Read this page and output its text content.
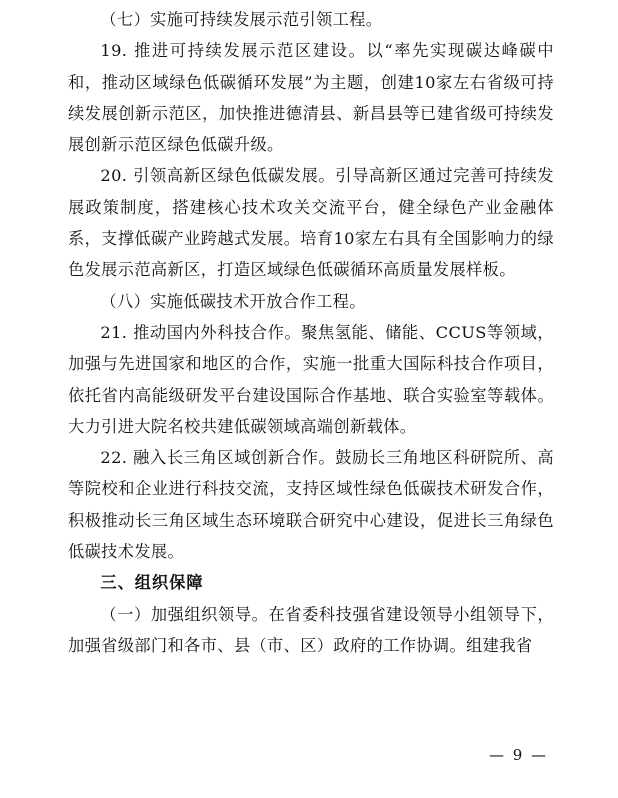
（七）实施可持续发展示范引领工程。

19. 推进可持续发展示范区建设。以“率先实现碳达峰碳中和，推动区域绿色低碳循环发展”为主题，创建10家左右省级可持续发展创新示范区，加快推进德清县、新昌县等已建省级可持续发展创新示范区绿色低碳升级。

20. 引领高新区绿色低碳发展。引导高新区通过完善可持续发展政策制度，搭建核心技术攻关交流平台，健全绿色产业金融体系，支撑低碳产业跨越式发展。培育10家左右具有全国影响力的绿色发展示范高新区，打造区域绿色低碳循环高质量发展样板。

（八）实施低碳技术开放合作工程。

21. 推动国内外科技合作。聚焦氢能、储能、CCUS等领域，加强与先进国家和地区的合作，实施一批重大国际科技合作项目，依托省内高能级研发平台建设国际合作基地、联合实验室等载体。大力引进大院名校共建低碳领域高端创新载体。

22. 融入长三角区域创新合作。鼓励长三角地区科研院所、高等院校和企业进行科技交流，支持区域性绿色低碳技术研发合作，积极推动长三角区域生态环境联合研究中心建设，促进长三角绿色低碳技术发展。

三、组织保障

（一）加强组织领导。在省委科技强省建设领导小组领导下，加强省级部门和各市、县（市、区）政府的工作协调。组建我省

— 9 —
